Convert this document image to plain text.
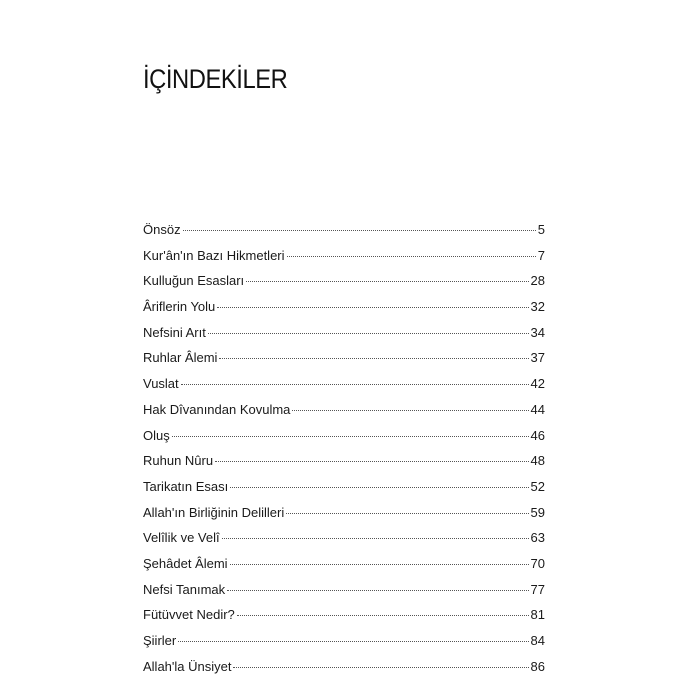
İÇİNDEKİLER
Önsöz	5
Kur'ân'ın Bazı Hikmetleri	7
Kulluğun Esasları	28
Âriflerin Yolu	32
Nefsini Arıt	34
Ruhlar Âlemi	37
Vuslat	42
Hak Dîvanından Kovulma	44
Oluş	46
Ruhun Nûru	48
Tarikatın Esası	52
Allah'ın Birliğinin Delilleri	59
Velîlik ve Velî	63
Şehâdet Âlemi	70
Nefsi Tanımak	77
Fütüvvet Nedir?	81
Şiirler	84
Allah'la Ünsiyet	86
